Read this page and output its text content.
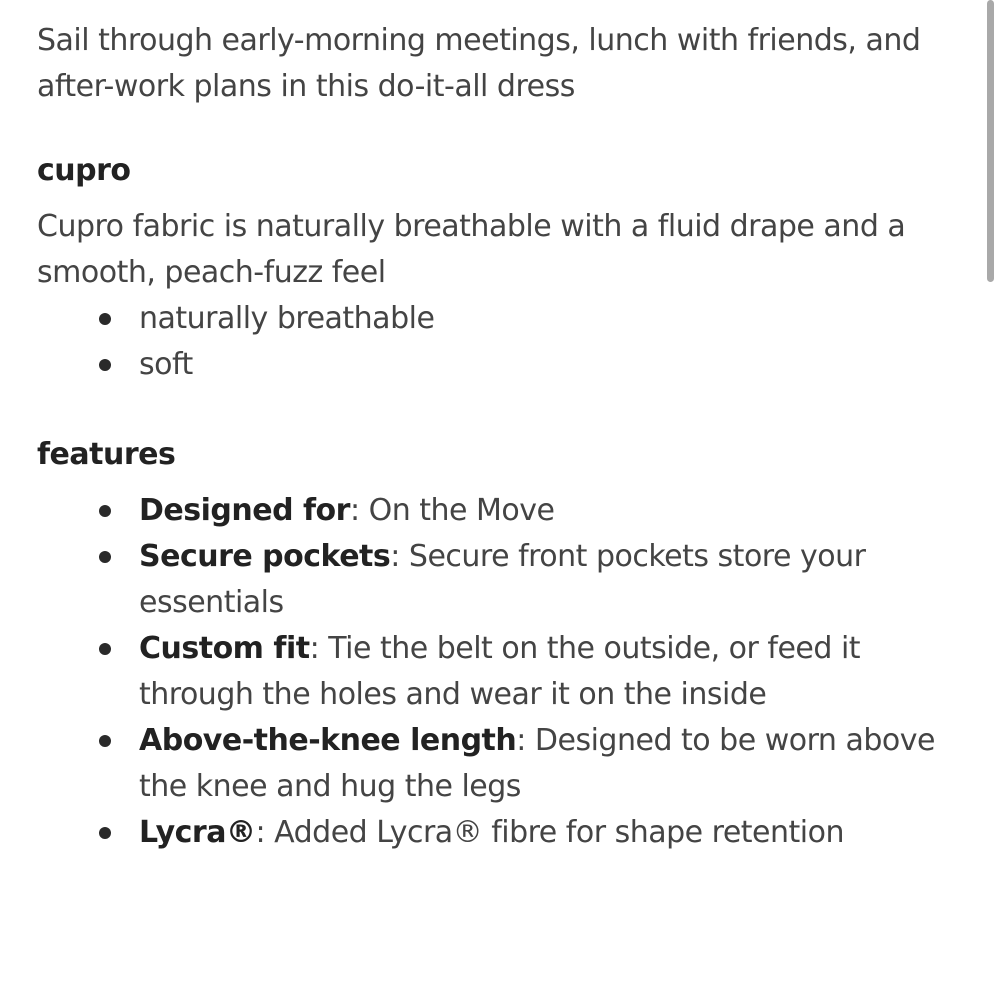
Sail through early-morning meetings, lunch with friends, and after-work plans in this do-it-all dress

cupro

Cupro fabric is naturally breathable with a fluid drape and a smooth, peach-fuzz feel

naturally breathable
soft
features
Designed for: On the Move
Secure pockets: Secure front pockets store your essentials
Custom fit: Tie the belt on the outside, or feed it through the holes and wear it on the inside
Above-the-knee length: Designed to be worn above the knee and hug the legs
Lycra®: Added Lycra® fibre for shape retention
